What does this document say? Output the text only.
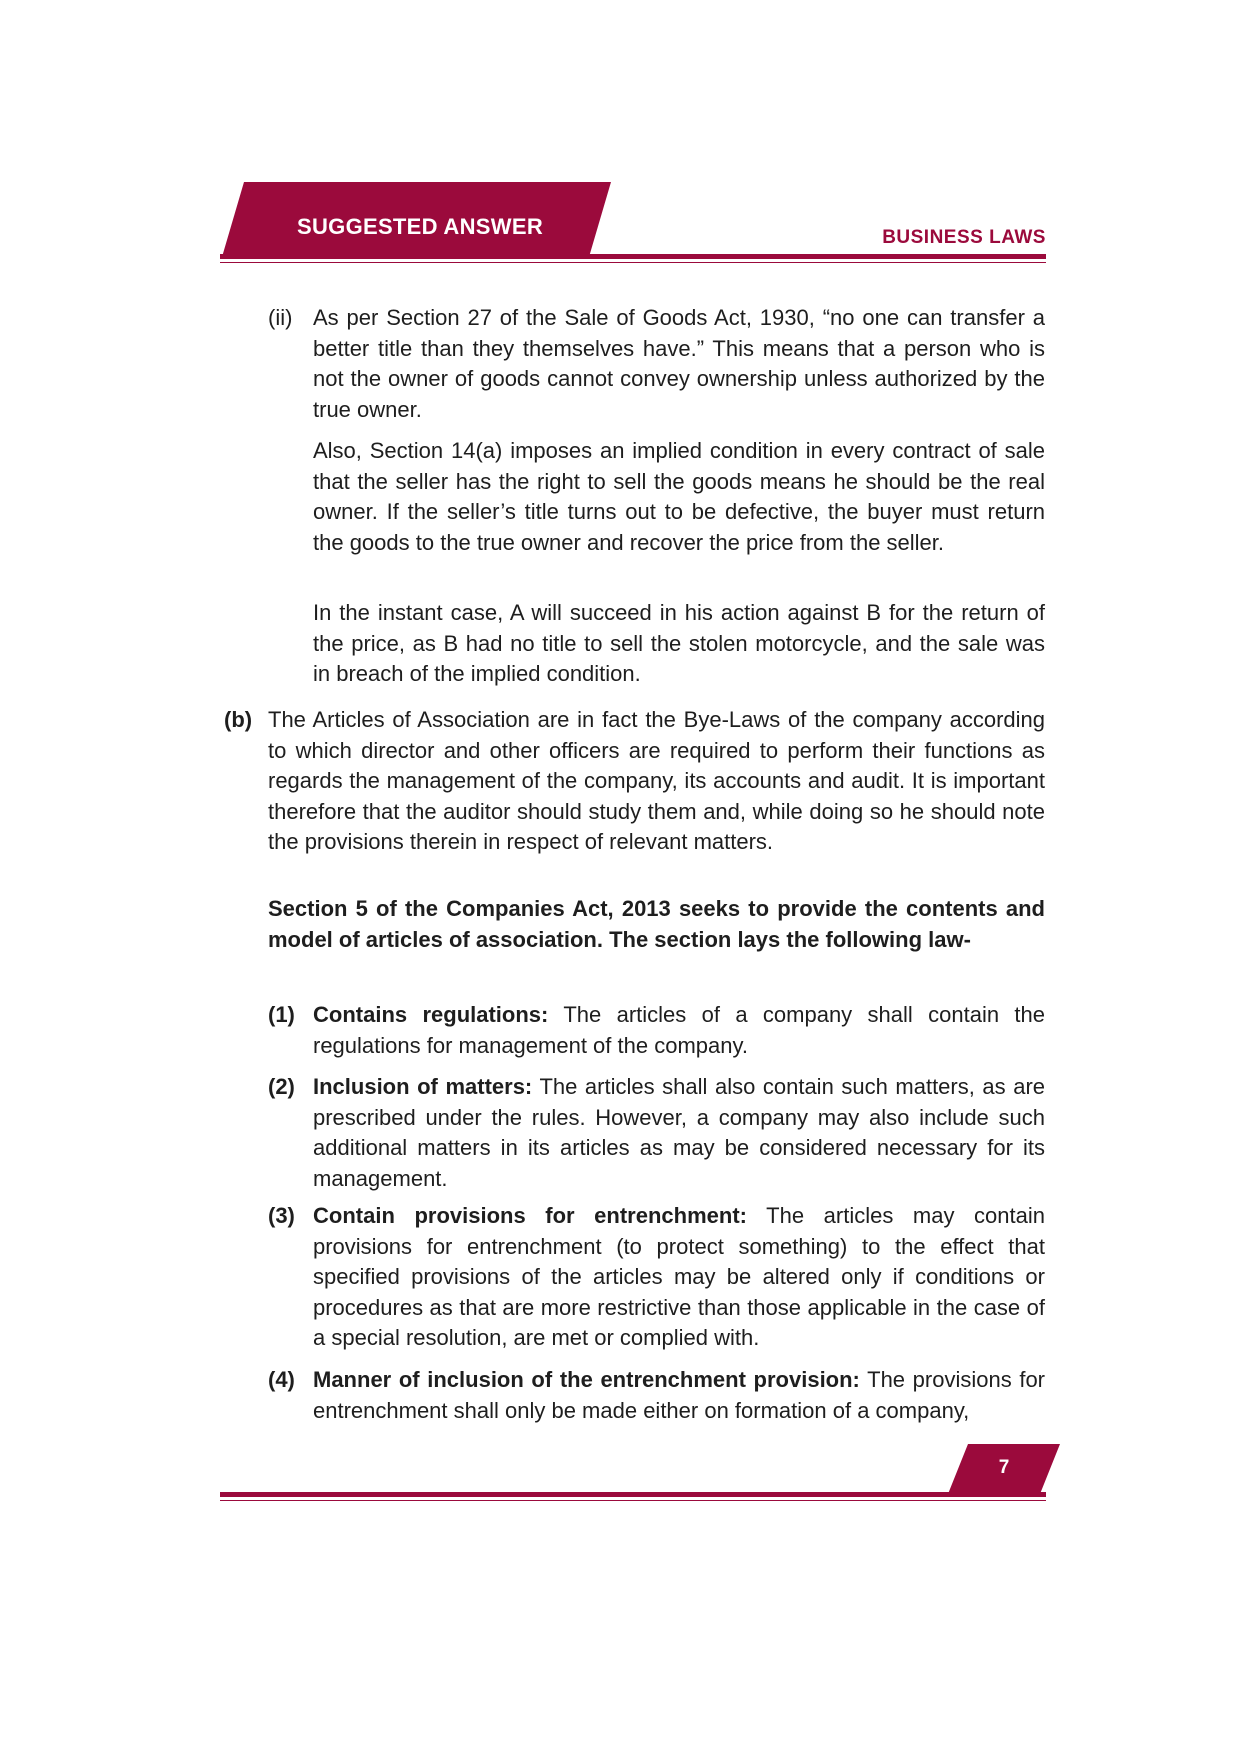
SUGGESTED ANSWER	BUSINESS LAWS
(ii) As per Section 27 of the Sale of Goods Act, 1930, “no one can transfer a better title than they themselves have.” This means that a person who is not the owner of goods cannot convey ownership unless authorized by the true owner.

Also, Section 14(a) imposes an implied condition in every contract of sale that the seller has the right to sell the goods means he should be the real owner. If the seller’s title turns out to be defective, the buyer must return the goods to the true owner and recover the price from the seller.

In the instant case, A will succeed in his action against B for the return of the price, as B had no title to sell the stolen motorcycle, and the sale was in breach of the implied condition.

(b) The Articles of Association are in fact the Bye-Laws of the company according to which director and other officers are required to perform their functions as regards the management of the company, its accounts and audit. It is important therefore that the auditor should study them and, while doing so he should note the provisions therein in respect of relevant matters.

Section 5 of the Companies Act, 2013 seeks to provide the contents and model of articles of association. The section lays the following law-

(1) Contains regulations: The articles of a company shall contain the regulations for management of the company.

(2) Inclusion of matters: The articles shall also contain such matters, as are prescribed under the rules. However, a company may also include such additional matters in its articles as may be considered necessary for its management.

(3) Contain provisions for entrenchment: The articles may contain provisions for entrenchment (to protect something) to the effect that specified provisions of the articles may be altered only if conditions or procedures as that are more restrictive than those applicable in the case of a special resolution, are met or complied with.

(4) Manner of inclusion of the entrenchment provision: The provisions for entrenchment shall only be made either on formation of a company,

7
